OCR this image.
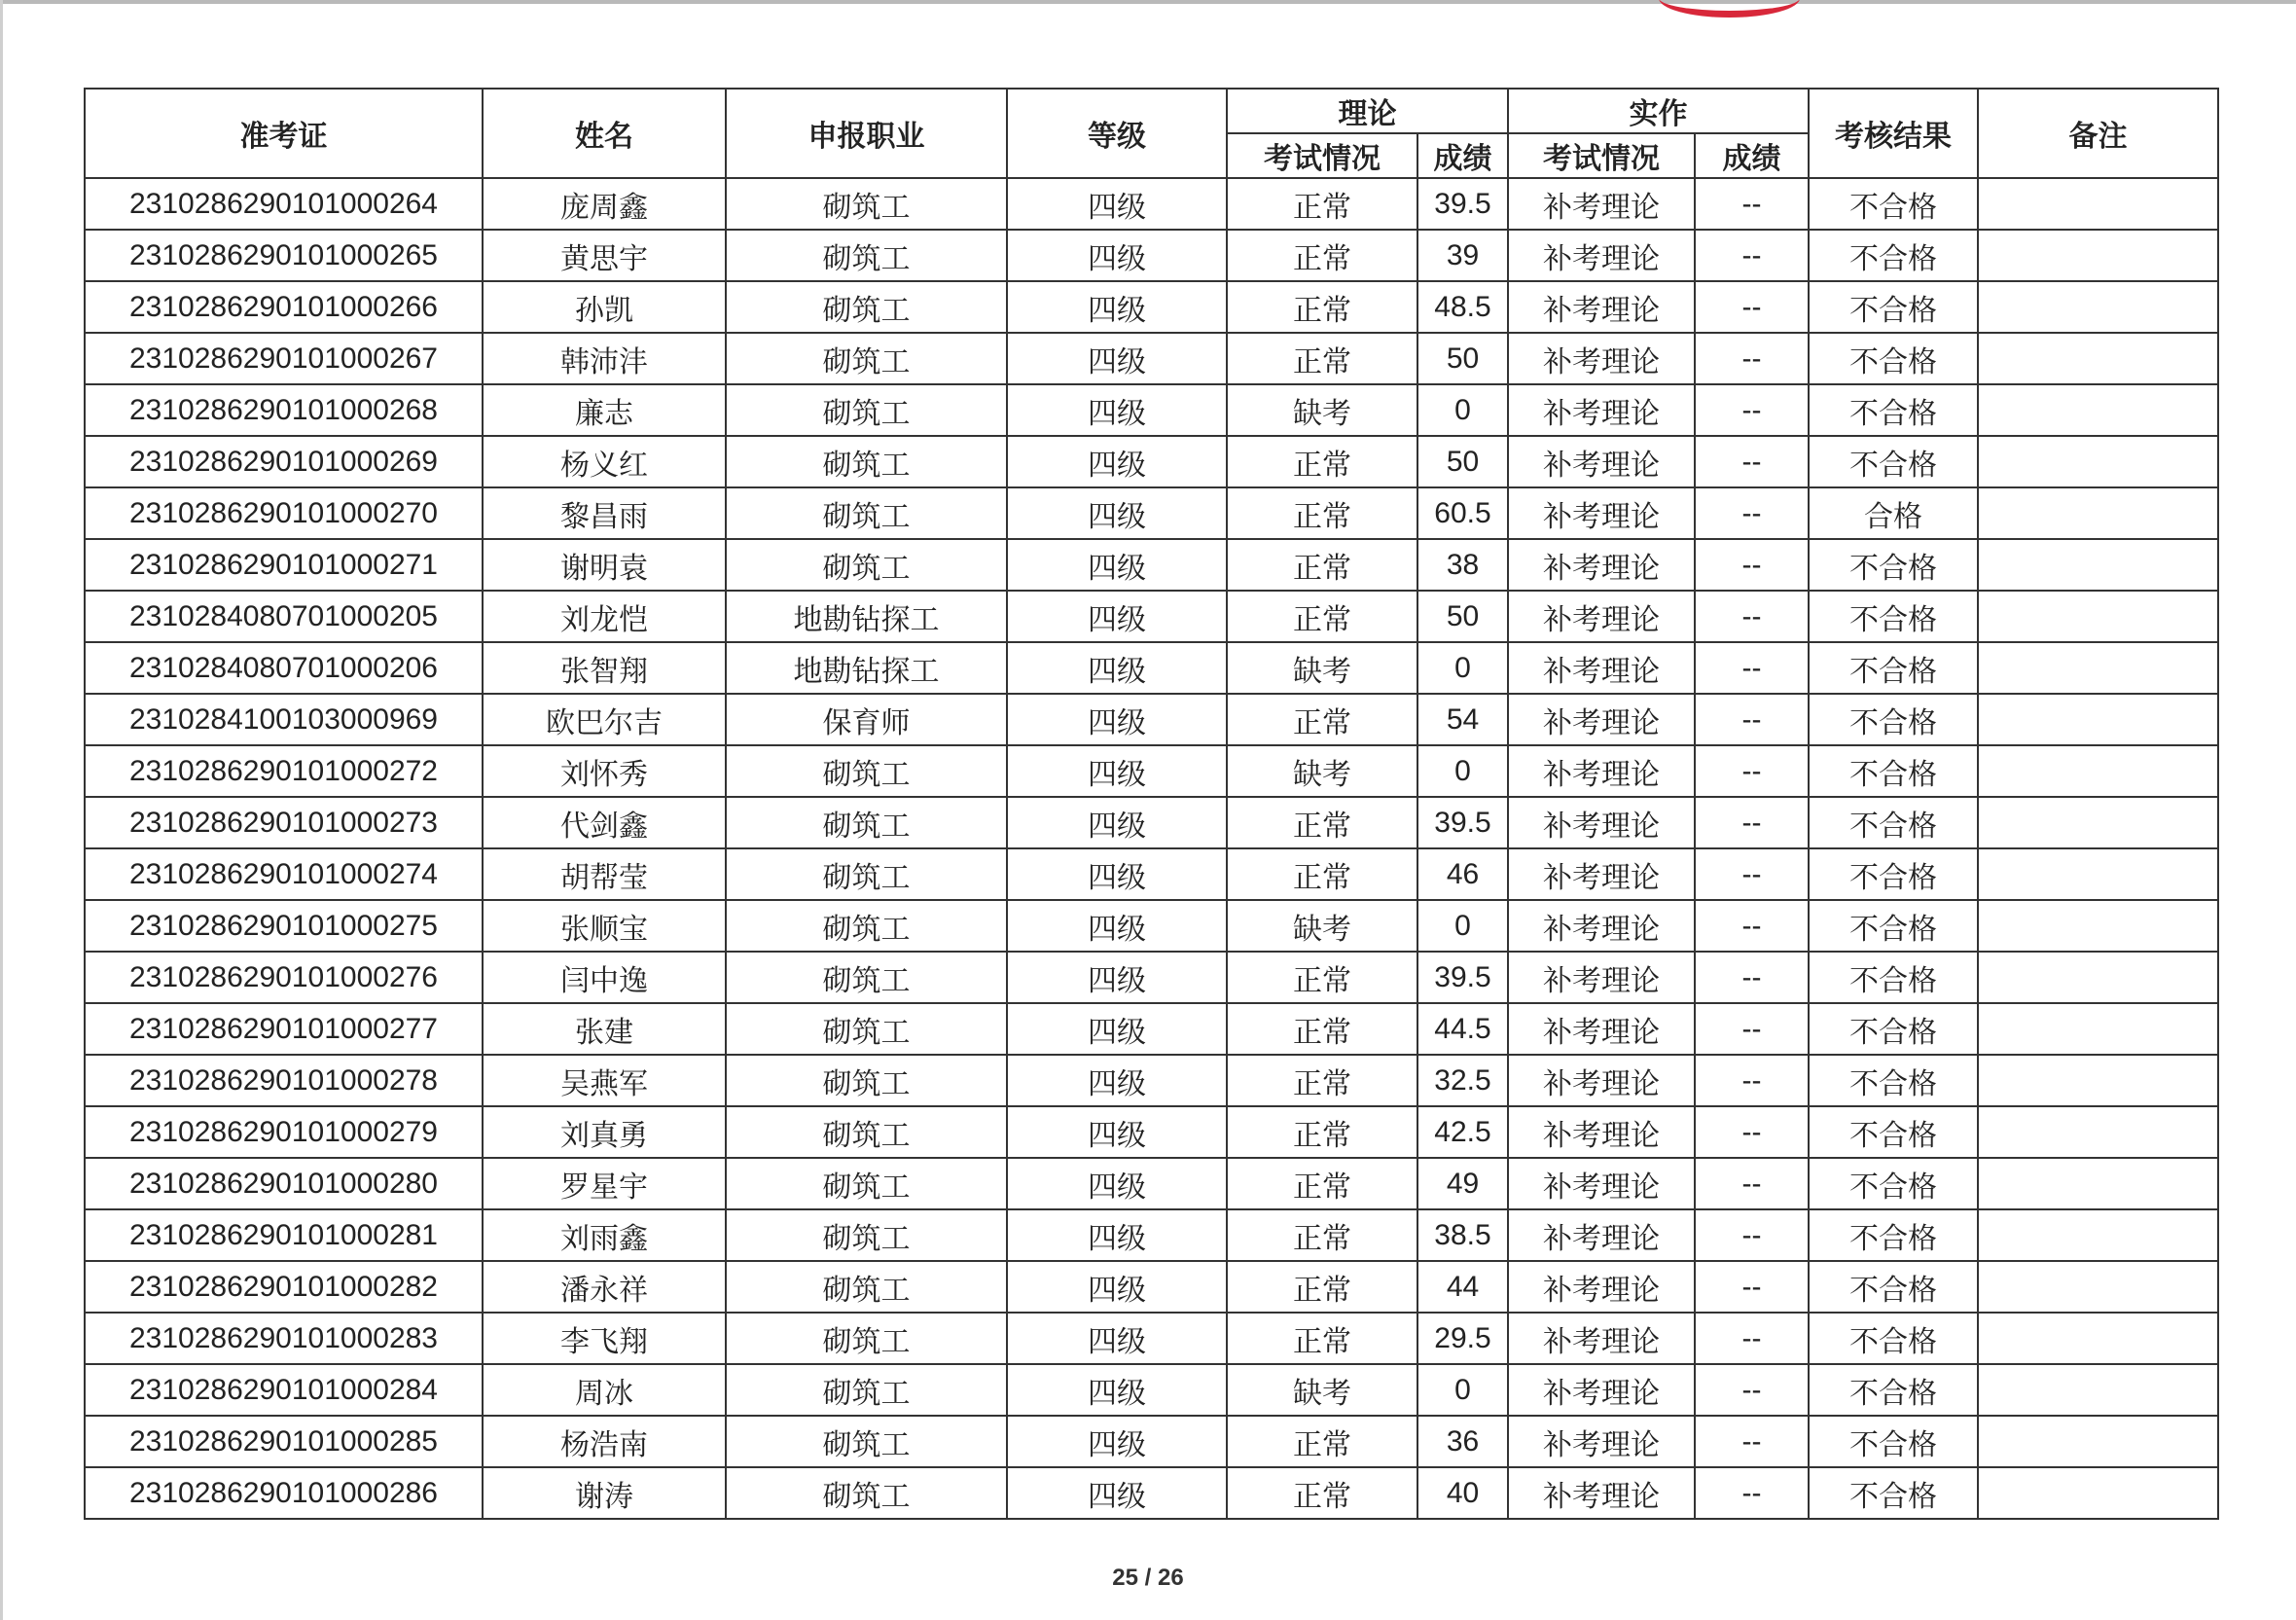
准考证	姓名	申报职业	等级	理论		实作		考核结果	备注
				考试情况	成绩	考试情况	成绩		
2310286290101000264	庞周鑫	砌筑工	四级	正常	39.5	补考理论	--	不合格	
2310286290101000265	黄思宇	砌筑工	四级	正常	39	补考理论	--	不合格	
2310286290101000266	孙凯	砌筑工	四级	正常	48.5	补考理论	--	不合格	
2310286290101000267	韩沛沣	砌筑工	四级	正常	50	补考理论	--	不合格	
2310286290101000268	廉志	砌筑工	四级	缺考	0	补考理论	--	不合格	
2310286290101000269	杨义红	砌筑工	四级	正常	50	补考理论	--	不合格	
2310286290101000270	黎昌雨	砌筑工	四级	正常	60.5	补考理论	--	合格	
2310286290101000271	谢明袁	砌筑工	四级	正常	38	补考理论	--	不合格	
2310284080701000205	刘龙恺	地勘钻探工	四级	正常	50	补考理论	--	不合格	
2310284080701000206	张智翔	地勘钻探工	四级	缺考	0	补考理论	--	不合格	
2310284100103000969	欧巴尔吉	保育师	四级	正常	54	补考理论	--	不合格	
2310286290101000272	刘怀秀	砌筑工	四级	缺考	0	补考理论	--	不合格	
2310286290101000273	代剑鑫	砌筑工	四级	正常	39.5	补考理论	--	不合格	
2310286290101000274	胡帮莹	砌筑工	四级	正常	46	补考理论	--	不合格	
2310286290101000275	张顺宝	砌筑工	四级	缺考	0	补考理论	--	不合格	
2310286290101000276	闫中逸	砌筑工	四级	正常	39.5	补考理论	--	不合格	
2310286290101000277	张建	砌筑工	四级	正常	44.5	补考理论	--	不合格	
2310286290101000278	吴燕军	砌筑工	四级	正常	32.5	补考理论	--	不合格	
2310286290101000279	刘真勇	砌筑工	四级	正常	42.5	补考理论	--	不合格	
2310286290101000280	罗星宇	砌筑工	四级	正常	49	补考理论	--	不合格	
2310286290101000281	刘雨鑫	砌筑工	四级	正常	38.5	补考理论	--	不合格	
2310286290101000282	潘永祥	砌筑工	四级	正常	44	补考理论	--	不合格	
2310286290101000283	李飞翔	砌筑工	四级	正常	29.5	补考理论	--	不合格	
2310286290101000284	周冰	砌筑工	四级	缺考	0	补考理论	--	不合格	
2310286290101000285	杨浩南	砌筑工	四级	正常	36	补考理论	--	不合格	
2310286290101000286	谢涛	砌筑工	四级	正常	40	补考理论	--	不合格	
25 / 26
